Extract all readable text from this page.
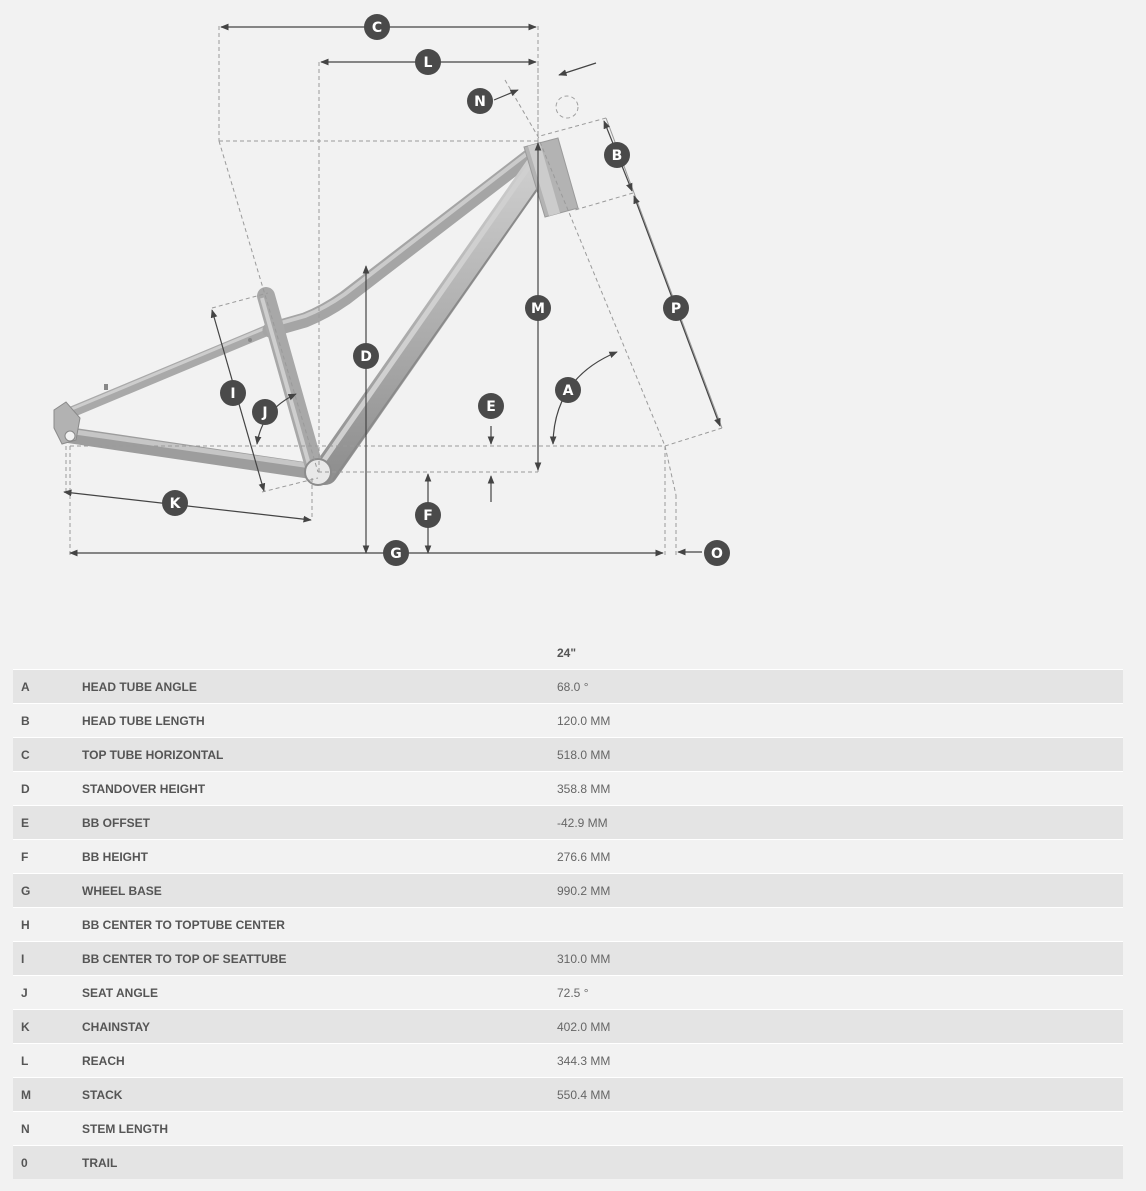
C
L
N
B
P
M
D
A
E
I
J
K
F
G	O
		24"
A	HEAD TUBE ANGLE	68.0 °
B	HEAD TUBE LENGTH	120.0 MM
C	TOP TUBE HORIZONTAL	518.0 MM
D	STANDOVER HEIGHT	358.8 MM
E	BB OFFSET	-42.9 MM
F	BB HEIGHT	276.6 MM
G	WHEEL BASE	990.2 MM
H	BB CENTER TO TOPTUBE CENTER	
I	BB CENTER TO TOP OF SEATTUBE	310.0 MM
J	SEAT ANGLE	72.5 °
K	CHAINSTAY	402.0 MM
L	REACH	344.3 MM
M	STACK	550.4 MM
N	STEM LENGTH	
0	TRAIL	
